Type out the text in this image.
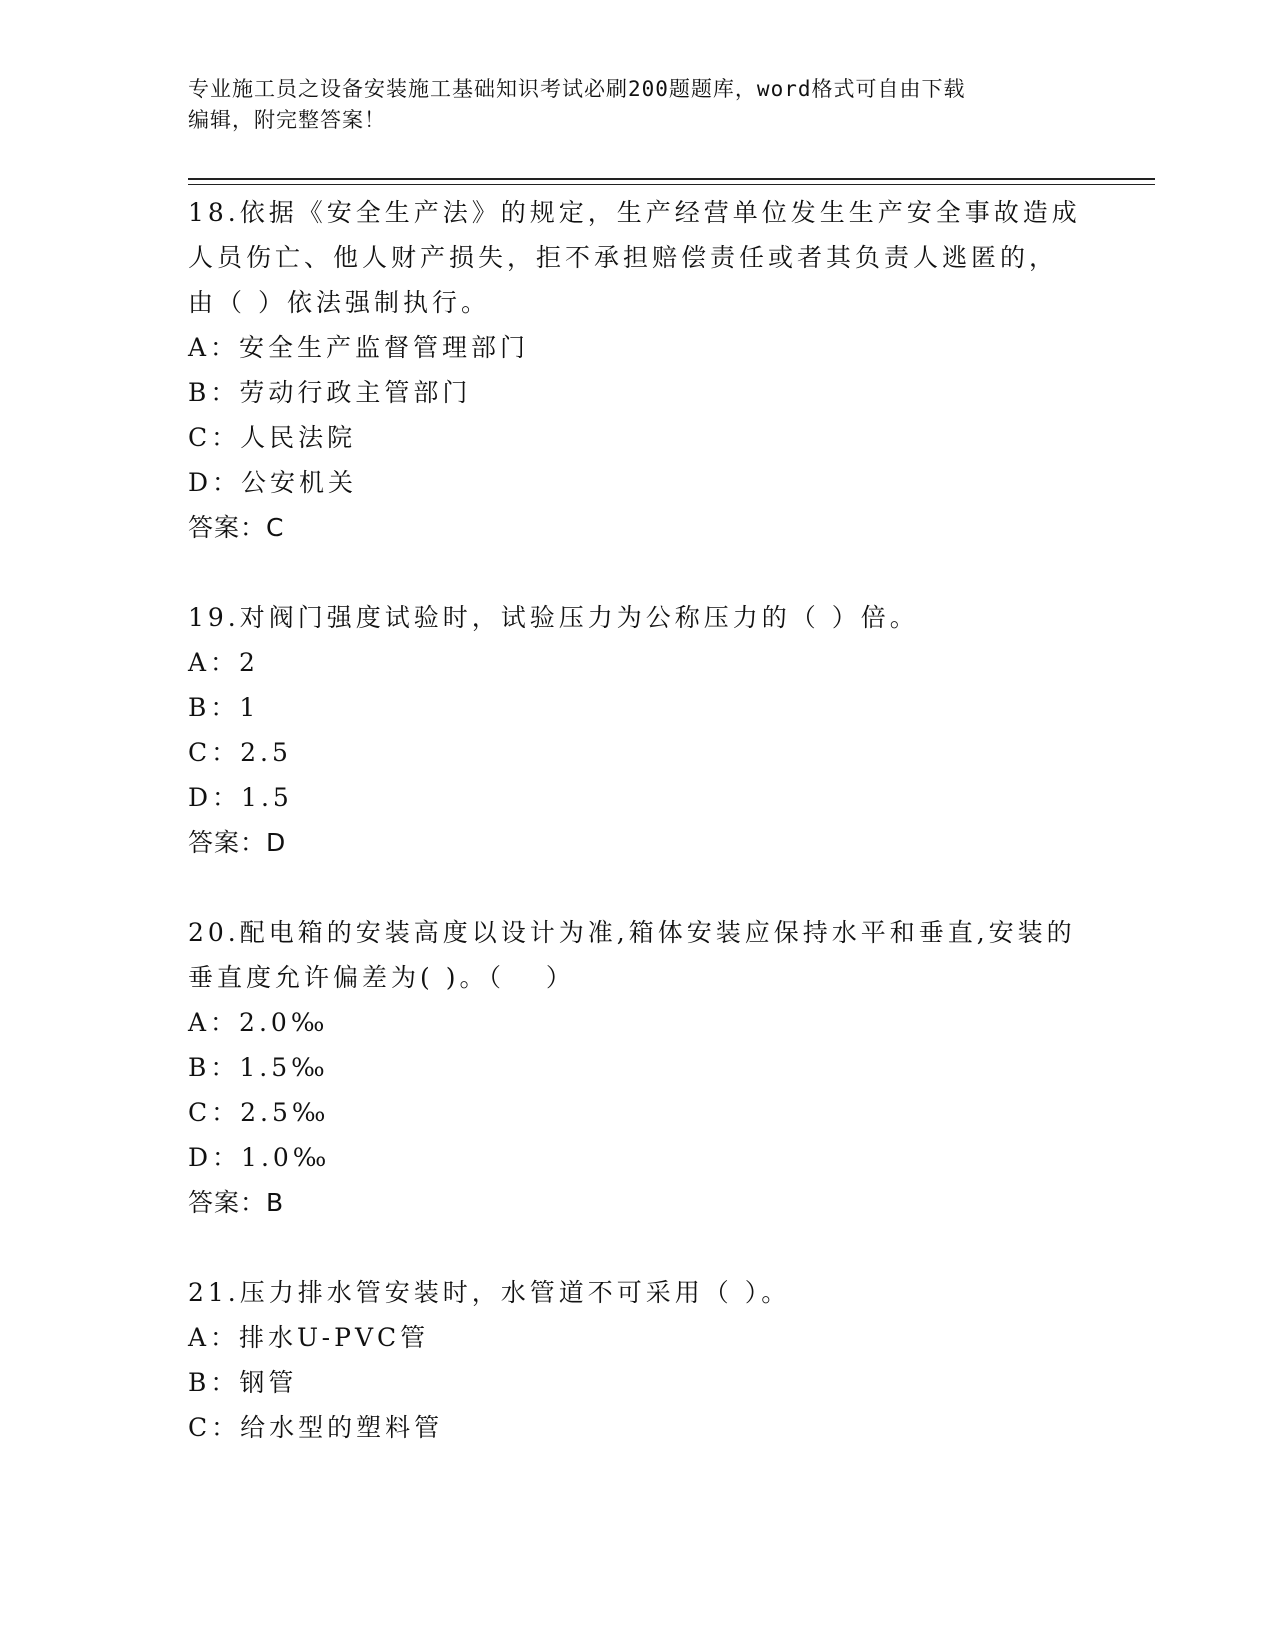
专业施工员之设备安装施工基础知识考试必刷200题题库，word格式可自由下载
编辑，附完整答案！
18.依据《安全生产法》的规定，生产经营单位发生生产安全事故造成
人员伤亡、他人财产损失，拒不承担赔偿责任或者其负责人逃匿的，
由（ ）依法强制执行。
A：安全生产监督管理部门
B：劳动行政主管部门
C：人民法院
D：公安机关
答案：C
19.对阀门强度试验时，试验压力为公称压力的（ ）倍。
A：2
B：1
C：2.5
D：1.5
答案：D
20.配电箱的安装高度以设计为准,箱体安装应保持水平和垂直,安装的
垂直度允许偏差为( )。（　 ）
A：2.0‰
B：1.5‰
C：2.5‰
D：1.0‰
答案：B
21.压力排水管安装时，水管道不可采用（ ）。
A：排水U-PVC管
B：钢管
C：给水型的塑料管
